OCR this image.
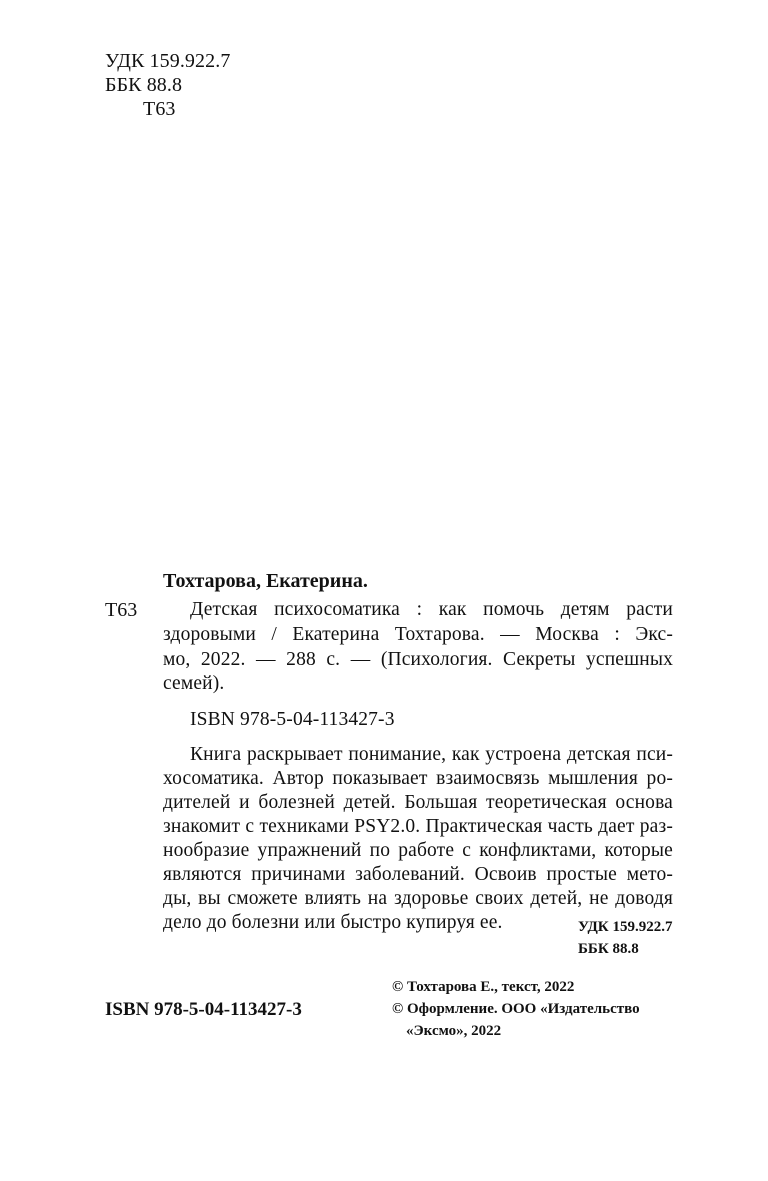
УДК 159.922.7
ББК 88.8
Т63
Тохтарова, Екатерина.
Т63	Детская психосоматика : как помочь детям расти
здоровыми / Екатерина Тохтарова. — Москва : Экс-
мо, 2022. — 288 с. — (Психология. Секреты успешных
семей).
ISBN 978-5-04-113427-3
Книга раскрывает понимание, как устроена детская пси-
хосоматика. Автор показывает взаимосвязь мышления ро-
дителей и болезней детей. Большая теоретическая основа
знакомит с техниками PSY2.0. Практическая часть дает раз-
нообразие упражнений по работе с конфликтами, которые
являются причинами заболеваний. Освоив простые мето-
ды, вы сможете влиять на здоровье своих детей, не доводя
дело до болезни или быстро купируя ее.	УДК 159.922.7
ББК 88.8
ISBN 978-5-04-113427-3
© Тохтарова Е., текст, 2022
© Оформление. ООО «Издательство
«Эксмо», 2022
